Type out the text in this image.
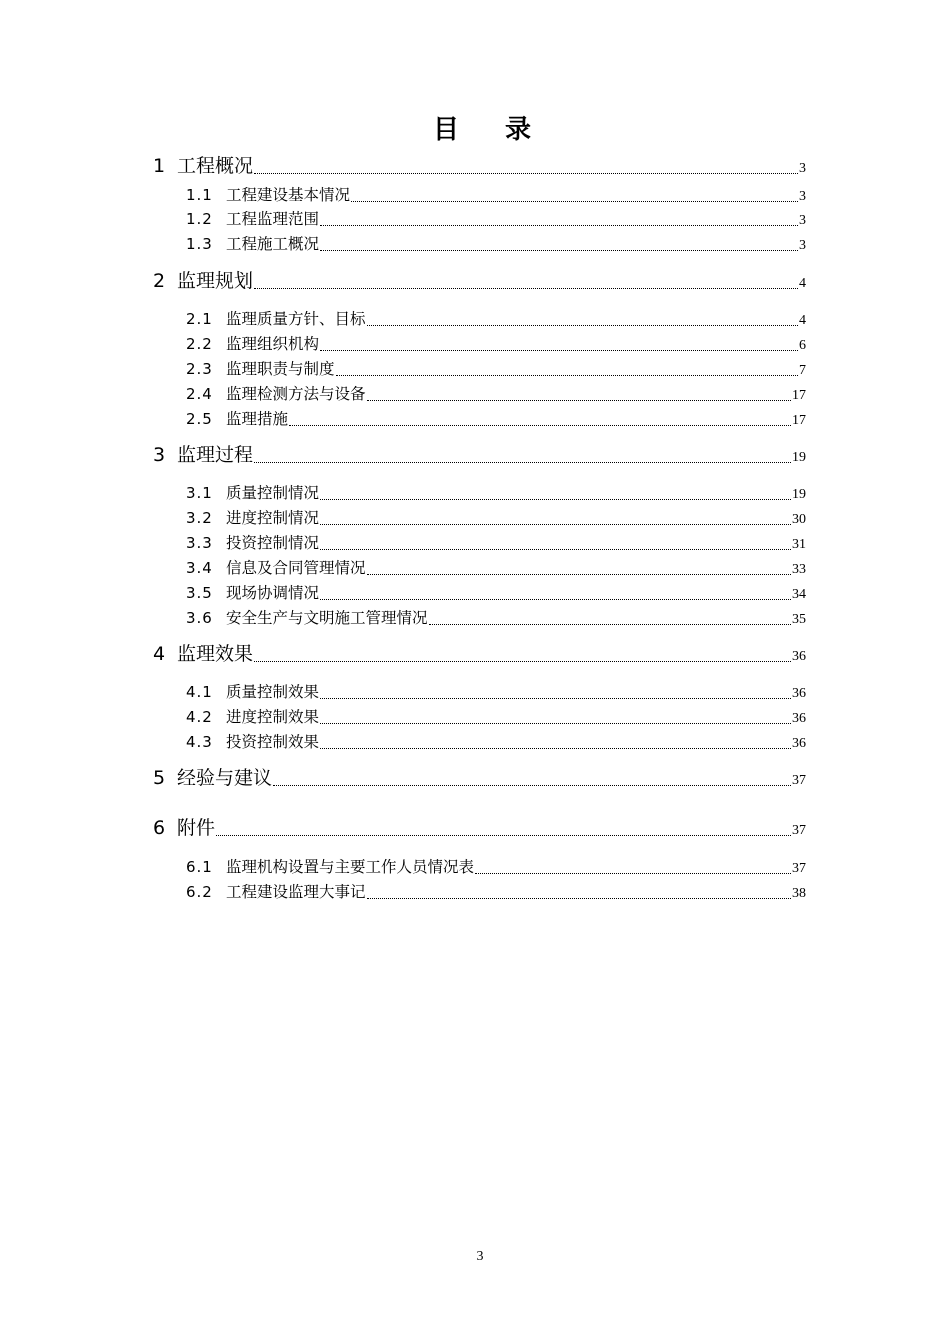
目 录
1 工程概况	3
1.1 工程建设基本情况	3
1.2 工程监理范围	3
1.3 工程施工概况	3
2 监理规划	4
2.1 监理质量方针、目标	4
2.2 监理组织机构	6
2.3 监理职责与制度	7
2.4 监理检测方法与设备	17
2.5 监理措施	17
3 监理过程	19
3.1 质量控制情况	19
3.2 进度控制情况	30
3.3 投资控制情况	31
3.4 信息及合同管理情况	33
3.5 现场协调情况	34
3.6 安全生产与文明施工管理情况	35
4 监理效果	36
4.1 质量控制效果	36
4.2 进度控制效果	36
4.3 投资控制效果	36
5 经验与建议	37
6 附件	37
6.1 监理机构设置与主要工作人员情况表	37
6.2 工程建设监理大事记	38
3
